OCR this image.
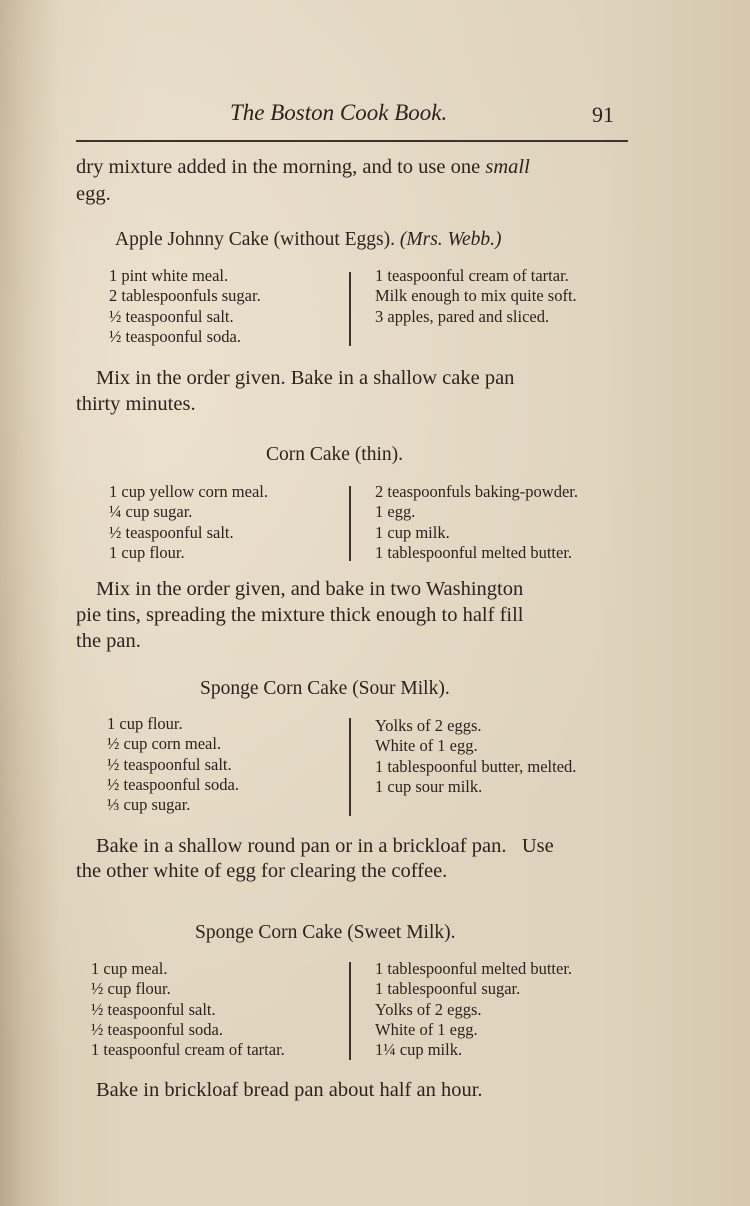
The Boston Cook Book.	91
dry mixture added in the morning, and to use one small
egg.
Apple Johnny Cake (without Eggs). (Mrs. Webb.)
1 pint white meal.
2 tablespoonfuls sugar.
½ teaspoonful salt.
½ teaspoonful soda.
1 teaspoonful cream of tartar.
Milk enough to mix quite soft.
3 apples, pared and sliced.
Mix in the order given. Bake in a shallow cake pan
thirty minutes.
Corn Cake (thin).
1 cup yellow corn meal.
¼ cup sugar.
½ teaspoonful salt.
1 cup flour.
2 teaspoonfuls baking-powder.
1 egg.
1 cup milk.
1 tablespoonful melted butter.
Mix in the order given, and bake in two Washington
pie tins, spreading the mixture thick enough to half fill
the pan.
Sponge Corn Cake (Sour Milk).
1 cup flour.
½ cup corn meal.
½ teaspoonful salt.
½ teaspoonful soda.
⅓ cup sugar.
Yolks of 2 eggs.
White of 1 egg.
1 tablespoonful butter, melted.
1 cup sour milk.
Bake in a shallow round pan or in a brickloaf pan.   Use
the other white of egg for clearing the coffee.
Sponge Corn Cake (Sweet Milk).
1 cup meal.
½ cup flour.
½ teaspoonful salt.
½ teaspoonful soda.
1 teaspoonful cream of tartar.
1 tablespoonful melted butter.
1 tablespoonful sugar.
Yolks of 2 eggs.
White of 1 egg.
1¼ cup milk.
Bake in brickloaf bread pan about half an hour.
